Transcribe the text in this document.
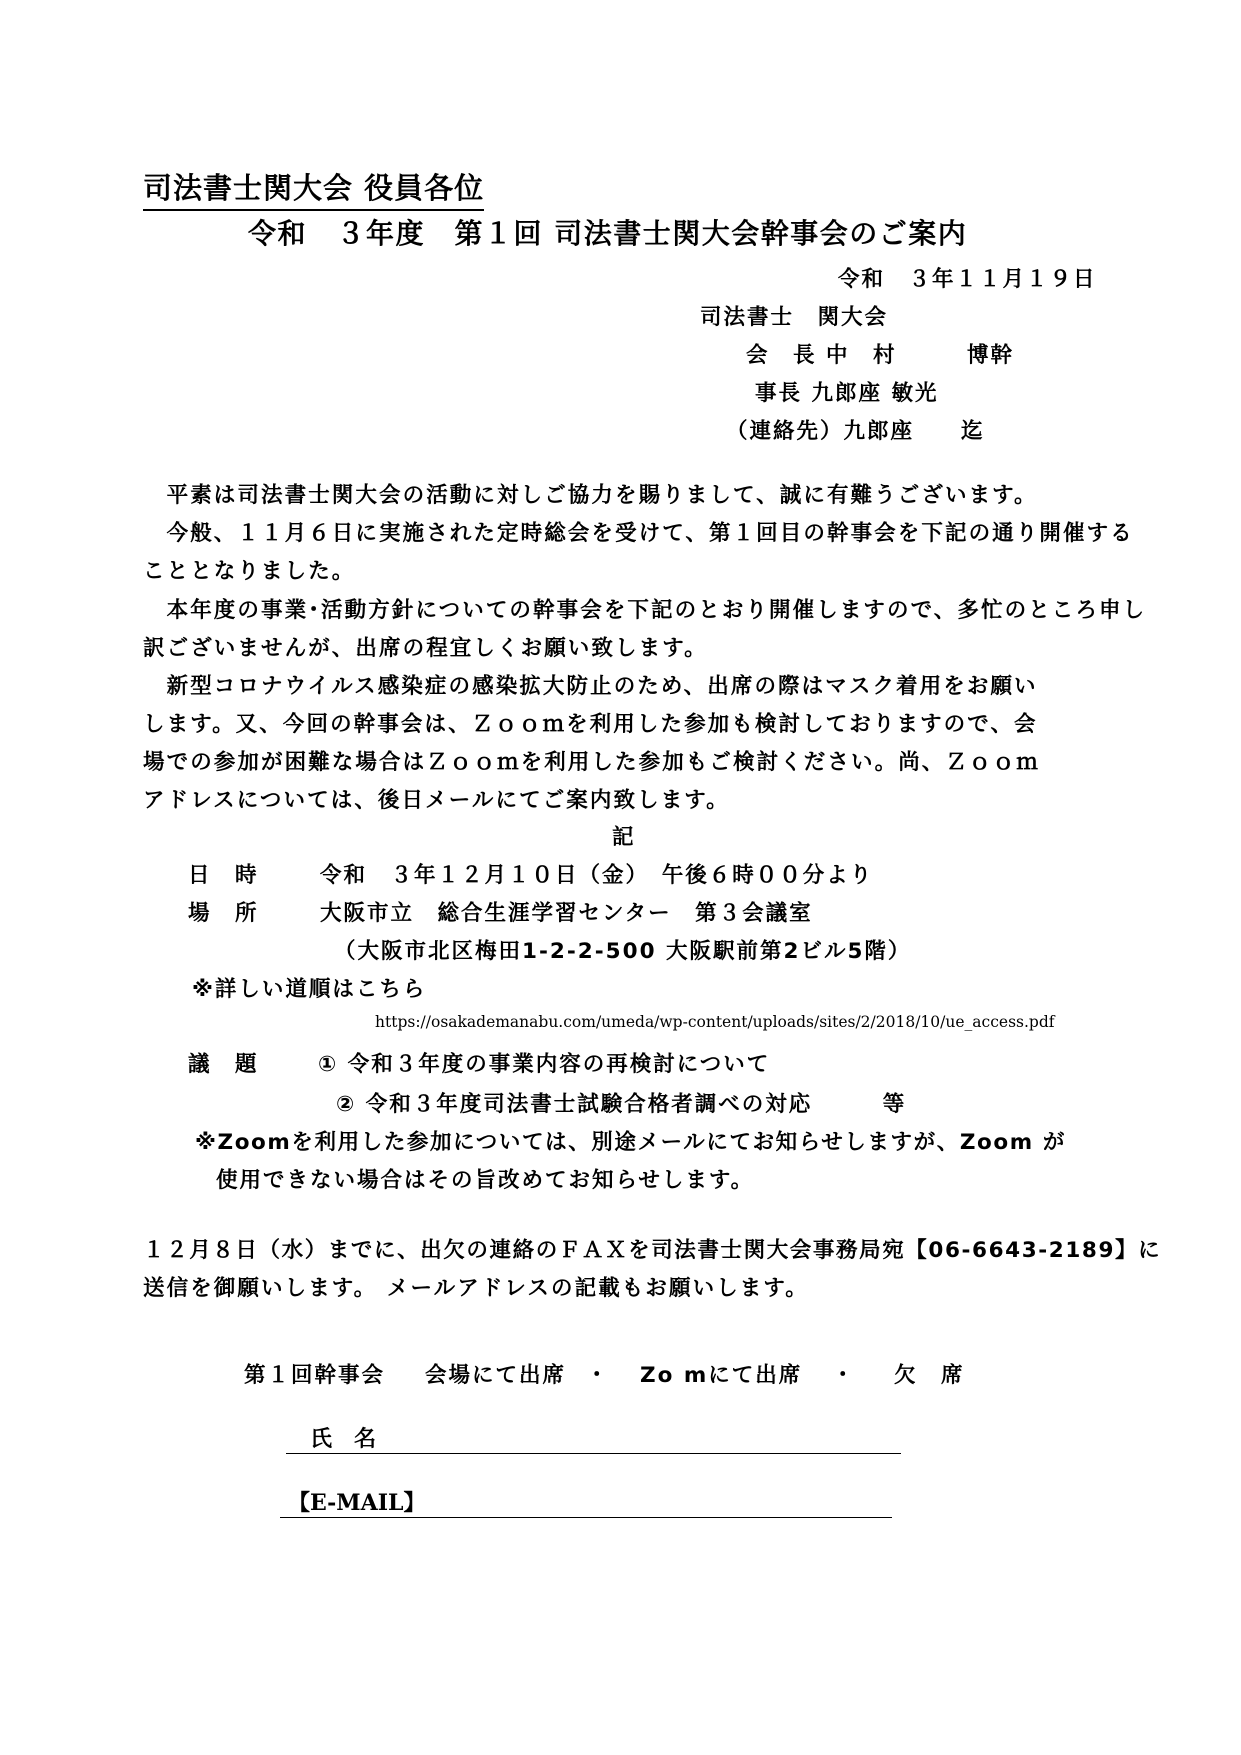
司法書士関大会 役員各位
令和　３年度　第１回 司法書士関大会幹事会のご案内
令和　３年１１月１９日
司法書士　関大会
会　長 中　村　　　博幹
事長 九郎座 敏光
（連絡先）九郎座　　迄
　平素は司法書士関大会の活動に対しご協力を賜りまして、誠に有難うございます。
　今般、１１月６日に実施された定時総会を受けて、第１回目の幹事会を下記の通り開催する
こととなりました。
　本年度の事業･活動方針についての幹事会を下記のとおり開催しますので、多忙のところ申し
訳ございませんが、出席の程宜しくお願い致します。
　新型コロナウイルス感染症の感染拡大防止のため、出席の際はマスク着用をお願い
します。又、今回の幹事会は、Ｚｏｏｍを利用した参加も検討しておりますので、会
場での参加が困難な場合はＺｏｏｍを利用した参加もご検討ください。尚、Ｚｏｏｍ
アドレスについては、後日メールにてご案内致します。
記
日　時	令和　３年１２月１０日（金）　午後６時００分より
場　所	大阪市立　総合生涯学習センター　第３会議室
（大阪市北区梅田1-2-2-500 大阪駅前第2ビル5階）
※詳しい道順はこちら
https://osakademanabu.com/umeda/wp-content/uploads/sites/2/2018/10/ue_access.pdf
議　題	① 令和３年度の事業内容の再検討について
② 令和３年度司法書士試験合格者調べの対応　　　等
※Zoomを利用した参加については、別途メールにてお知らせしますが、Zoom が
使用できない場合はその旨改めてお知らせします。
１２月８日（水）までに、出欠の連絡のＦＡＸを司法書士関大会事務局宛【06-6643-2189】に
送信を御願いします。 メールアドレスの記載もお願いします。
第１回幹事会 会場にて出席 ・ Zo mにて出席 ・ 欠　席
氏　名
【E-MAIL】
